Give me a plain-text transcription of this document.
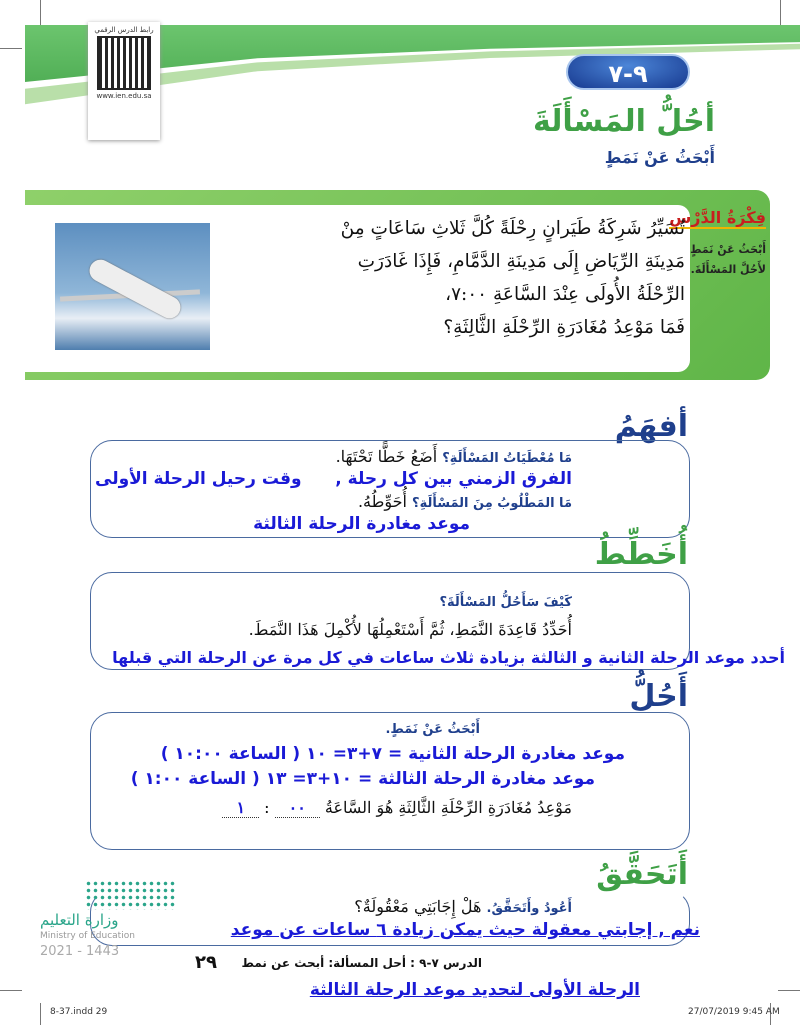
٩-٧
رابط الدرس الرقمي
www.ien.edu.sa
أحُلُّ المَسْأَلَةَ
أَبْحَثُ عَنْ نَمَطٍ
فِكْرَةُ الدَّرْسِ
أَبْحَثُ عَنْ نَمَطٍ
لأَحُلَّ المَسْأَلَةَ.
تُسَيِّرُ شَرِكَةُ طَيَرانٍ رِحْلَةً كُلَّ ثَلاثِ سَاعَاتٍ مِنْ
مَدِينَةِ الرِّيَاضِ إِلَى مَدِينَةِ الدَّمَّامِ، فَإِذَا غَادَرَتِ
الرِّحْلَةُ الأُولَى عِنْدَ السَّاعَةِ ٧:٠٠،
فَمَا مَوْعِدُ مُغَادَرَةِ الرِّحْلَةِ الثَّالِثَةِ؟
أفهَمُ
مَا مُعْطَيَاتُ المَسْأَلَةِ؟ أَضَعُ خَطًّا تَحْتَهَا.
الفرق الزمني بين كل رحلة ,
وقت رحيل الرحلة الأولى
مَا المَطْلُوبُ مِنَ المَسْأَلَةِ؟ أُحَوِّطُهُ.
موعد مغادرة الرحلة الثالثة
أُخَطِّطُ
كَيْفَ سَأَحُلُّ المَسْأَلَةَ؟
أُحَدِّدُ قَاعِدَةَ النَّمَطِ، ثُمَّ أَسْتَعْمِلُهَا لأُكْمِلَ هَذَا النَّمَطَ.
أحدد موعد الرحلة الثانية و الثالثة بزيادة ثلاث ساعات في كل مرة عن الرحلة التي قبلها
أَحُلُّ
أَبْحَثُ عَنْ نَمَطٍ.
موعد مغادرة الرحلة الثانية = ٧+٣= ١٠ ( الساعة ١٠:٠٠ )
موعد مغادرة الرحلة الثالثة = ١٠+٣= ١٣ ( الساعة ١:٠٠ )
مَوْعِدُ مُغَادَرَةِ الرِّحْلَةِ الثَّالِثَةِ هُوَ السَّاعَةُ ٠٠ : ١
أَتَحَقَّقُ
أَعُودُ وأَتَحَقَّقُ. هَلْ إِجَابَتِي مَعْقُولَةٌ؟
نعم , إجابتي معقولة حيث يمكن زيادة ٦ ساعات عن موعد
الرحلة الأولى لتحديد موعد الرحلة الثالثة
وزارة التعليم
Ministry of Education
2021 - 1443
الدرس ٧-٩ : أحل المسألة: أبحث عن نمط
٢٩
8-37.indd 29	27/07/2019 9:45 AM
